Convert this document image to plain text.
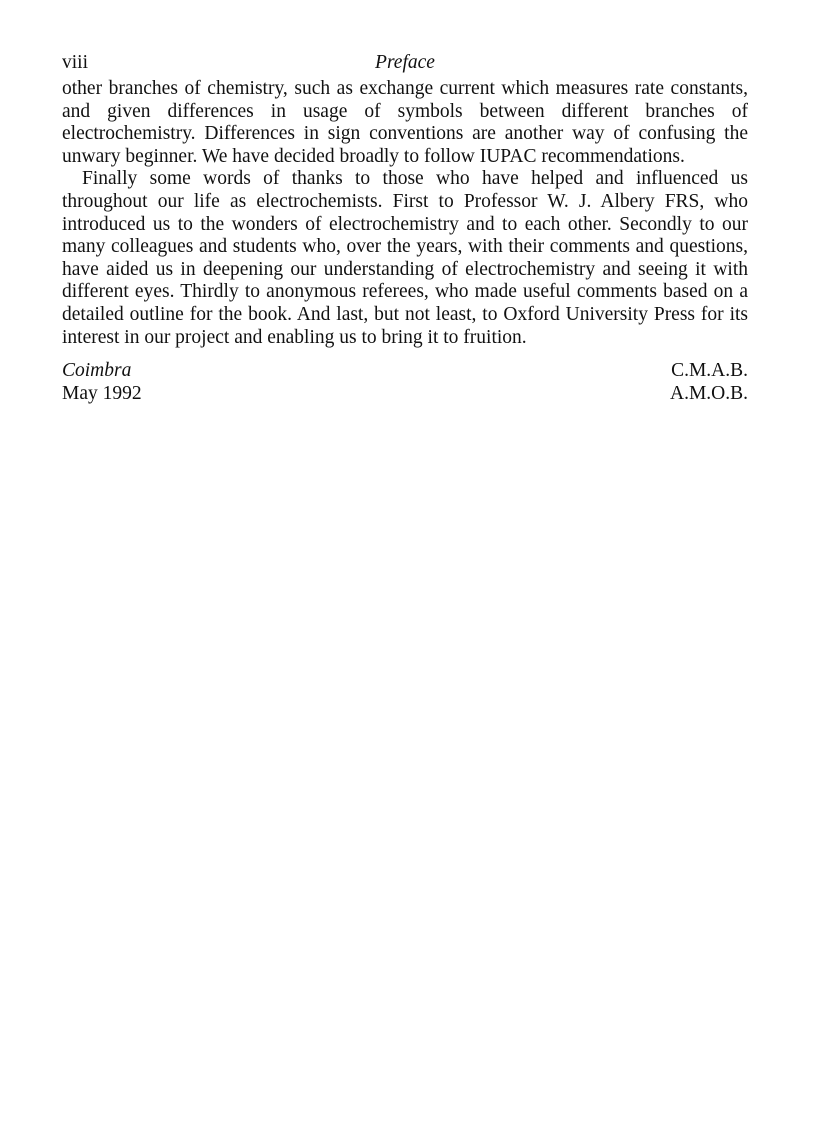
viii	Preface

other branches of chemistry, such as exchange current which measures rate constants, and given differences in usage of symbols between different branches of electrochemistry. Differences in sign conventions are another way of confusing the unwary beginner. We have decided broadly to follow IUPAC recommendations.

Finally some words of thanks to those who have helped and influenced us throughout our life as electrochemists. First to Professor W. J. Albery FRS, who introduced us to the wonders of electrochemistry and to each other. Secondly to our many colleagues and students who, over the years, with their comments and questions, have aided us in deepening our understanding of electrochemistry and seeing it with different eyes. Thirdly to anonymous referees, who made useful comments based on a detailed outline for the book. And last, but not least, to Oxford University Press for its interest in our project and enabling us to bring it to fruition.

Coimbra
May 1992
C.M.A.B.
A.M.O.B.
